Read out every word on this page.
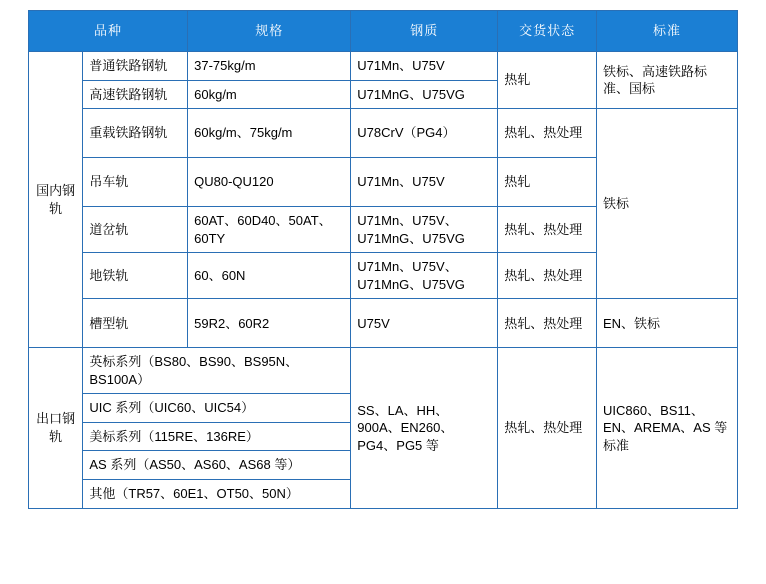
品种		规格	钢质	交货状态	标准
国内钢轨	普通铁路钢轨	37-75kg/m	U71Mn、U75V	热轧	铁标、高速铁路标准、国标
	高速铁路钢轨	60kg/m	U71MnG、U75VG		
	重载铁路钢轨	60kg/m、75kg/m	U78CrV（PG4）	热轧、热处理	铁标
	吊车轨	QU80-QU120	U71Mn、U75V	热轧	
	道岔轨	60AT、60D40、50AT、60TY	U71Mn、U75V、U71MnG、U75VG	热轧、热处理	
	地铁轨	60、60N	U71Mn、U75V、U71MnG、U75VG	热轧、热处理	
	槽型轨	59R2、60R2	U75V	热轧、热处理	EN、铁标
出口钢轨	英标系列（BS80、BS90、BS95N、BS100A）		SS、LA、HH、900A、EN260、PG4、PG5 等	热轧、热处理	UIC860、BS11、EN、AREMA、AS 等标准
	UIC 系列（UIC60、UIC54）				
	美标系列（115RE、136RE）				
	AS 系列（AS50、AS60、AS68 等）				
	其他（TR57、60E1、OT50、50N）				
